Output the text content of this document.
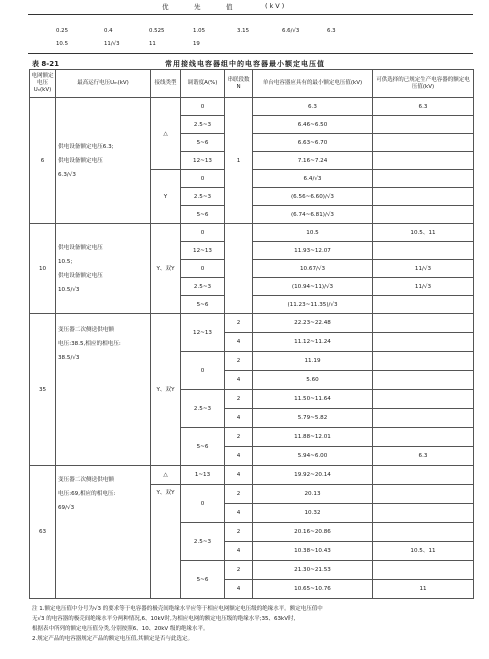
优	先	值	(kV)
0.25	0.4	0.525	1.05	3.15	6.6/√3	6.3
10.5	11/√3	11	19
表 8-21	常用接线电容器组中的电容器最小额定电压值
电网额定电压Uₙ(kV)	最高运行电压Uₘ(kV)	接线类型	调谐度A(%)	串联段数N	单台电容器应具有的最小额定电压值(kV)	可供选择的已规定生产电容器的额定电压值(kV)
6	供电设备额定电压6.3;
供电设备额定电压
6.3/√3	△	0	1	6.3	6.3
			2.5~3		6.46~6.50	
			5~6		6.63~6.70	
			12~13		7.16~7.24	
		Y	0		6.4/√3	
			2.5~3		(6.56~6.60)/√3	
			5~6		(6.74~6.81)/√3	
10	供电设备额定电压
10.5;
供电设备额定电压
10.5/√3	Y、双Y	0		10.5	10.5、11
			12~13		11.93~12.07	
			0		10.67/√3	11/√3
			2.5~3		(10.94~11)/√3	11/√3
			5~6		(11.23~11.35)/√3	
35	变压器二次侧送供电额
电压:38.5,相应的相电压:
38.5/√3	Y、双Y	12~13	2	22.23~22.48	
				4	11.12~11.24	
			0	2	11.19	
				4	5.60	
			2.5~3	2	11.50~11.64	
				4	5.79~5.82	
			5~6	2	11.88~12.01	
				4	5.94~6.00	6.3
63	变压器二次侧送供电额
电压:69,相应的相电压:
69/√3	△	1~13	4	19.92~20.14	
		Y、双Y	0	2	20.13	
				4	10.32	
			2.5~3	2	20.16~20.86	
				4	10.38~10.43	10.5、11
			5~6	2	21.30~21.53	
				4	10.65~10.76	11
注 1.额定电压值中分号为√3 的要求等于电容器的极壳间绝缘水平应等于相应电网额定电压级的绝缘水平。额定电压值中
无√3 的电容器的极壳间绝缘水平分两种情况,6、10kV时,为相应电网的额定电压级的绝缘水平;35、63kV时,
根据表中所列的额定电压值分类,分别按照6、10、20kV 级的绝缘水平。
2.规定产品的电容器规定产品的额定电压值,其额定是否与此选定。
